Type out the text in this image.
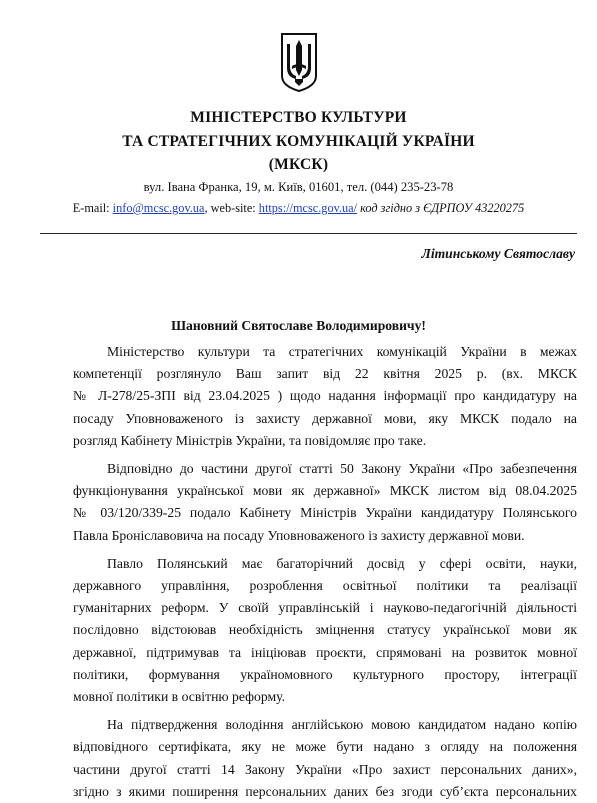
МІНІСТЕРСТВО КУЛЬТУРИ
ТА СТРАТЕГІЧНИХ КОМУНІКАЦІЙ УКРАЇНИ
(МКСК)
вул. Івана Франка, 19, м. Київ, 01601, тел. (044) 235-23-78
E-mail: info@mcsc.gov.ua, web-site: https://mcsc.gov.ua/ код згідно з ЄДРПОУ 43220275
Літинському Святославу
Шановний Святославе Володимировичу!
Міністерство культури та стратегічних комунікацій України в межах
компетенції розглянуло Ваш запит від 22 квітня 2025 р. (вх. МКСК
№ Л-278/25-ЗПІ від 23.04.2025 ) щодо надання інформації про кандидатуру на
посаду Уповноваженого із захисту державної мови, яку МКСК подало на
розгляд Кабінету Міністрів України, та повідомляє про таке.
Відповідно до частини другої статті 50 Закону України «Про забезпечення
функціонування української мови як державної» МКСК листом від 08.04.2025
№ 03/120/339-25 подало Кабінету Міністрів України кандидатуру Полянського
Павла Броніславовича на посаду Уповноваженого із захисту державної мови.
Павло Полянський має багаторічний досвід у сфері освіти, науки,
державного управління, розроблення освітньої політики та реалізації
гуманітарних реформ. У своїй управлінській і науково-педагогічній діяльності
послідовно відстоював необхідність зміцнення статусу української мови як
державної, підтримував та ініціював проєкти, спрямовані на розвиток мовної
політики, формування україномовного культурного простору, інтеграції
мовної політики в освітню реформу.
На підтвердження володіння англійською мовою кандидатом надано копію
відповідного сертифіката, яку не може бути надано з огляду на положення
частини другої статті 14 Закону України «Про захист персональних даних»,
згідно з якими поширення персональних даних без згоди суб’єкта персональних
